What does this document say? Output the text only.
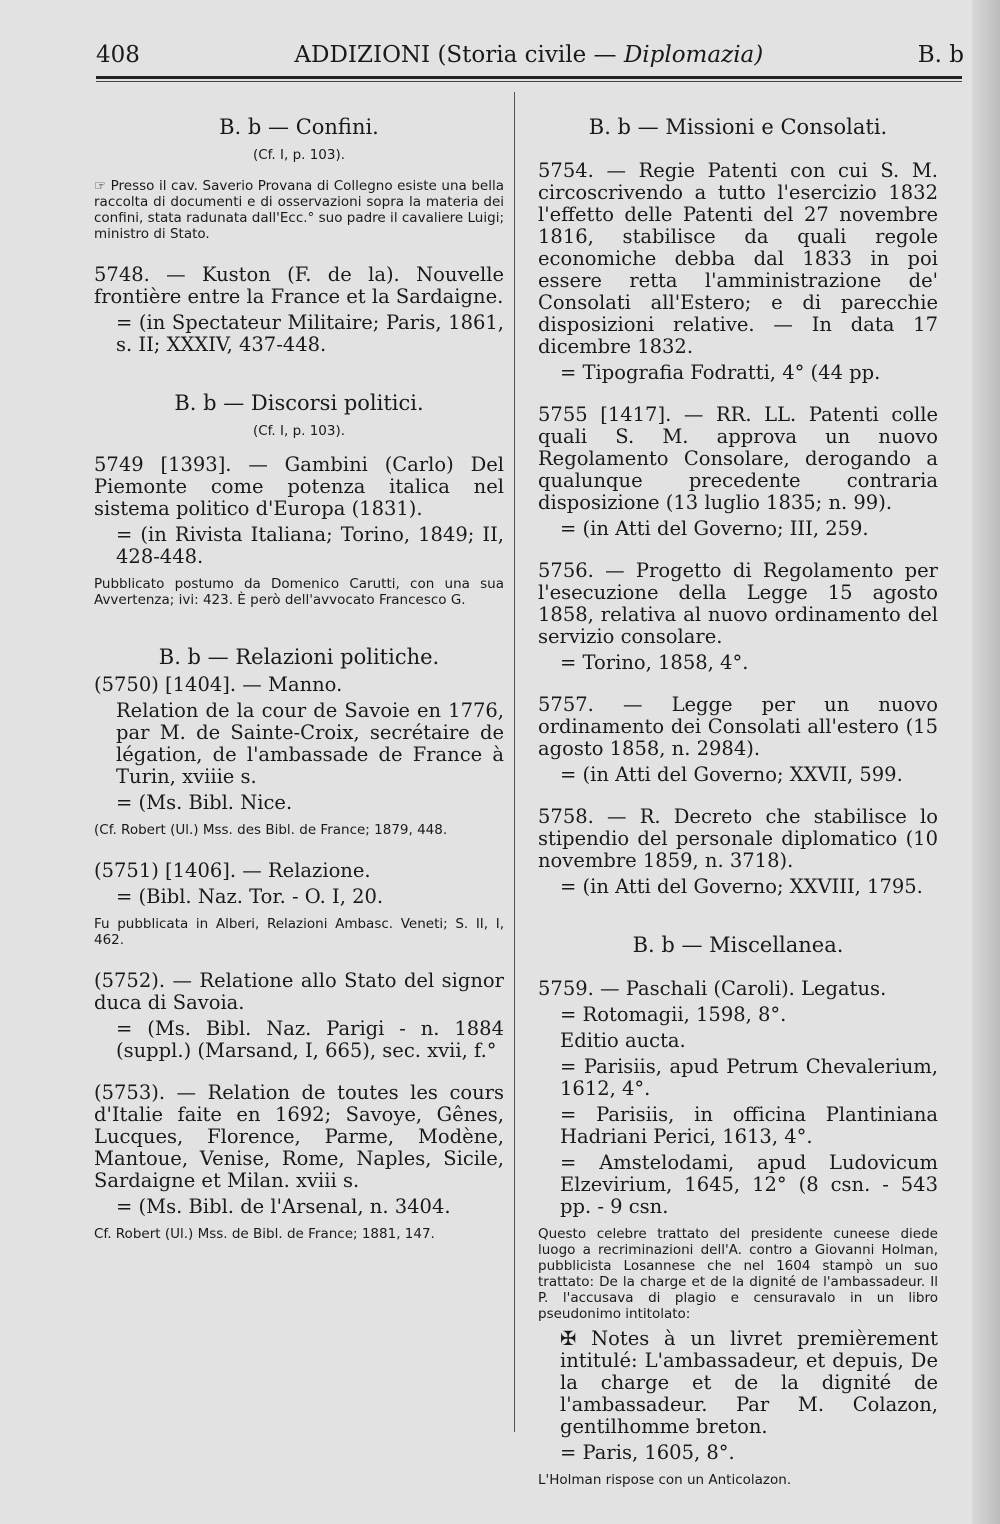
408	ADDIZIONI (Storia civile — Diplomazia)	B. b
B. b — Confini.
(Cf. I, p. 103).
☞ Presso il cav. Saverio Provana di Collegno esiste una bella raccolta di documenti e di osservazioni sopra la materia dei confini, stata radunata dall'Ecc.° suo padre il cavaliere Luigi; ministro di Stato.
5748. — Kuston (F. de la). Nouvelle frontière entre la France et la Sardaigne.
= (in Spectateur Militaire; Paris, 1861, s. II; XXXIV, 437-448.
B. b — Discorsi politici.
(Cf. I, p. 103).
5749 [1393]. — Gambini (Carlo) Del Piemonte come potenza italica nel sistema politico d'Europa (1831).
= (in Rivista Italiana; Torino, 1849; II, 428-448.
Pubblicato postumo da Domenico Carutti, con una sua Avvertenza; ivi: 423. È però dell'avvocato Francesco G.
B. b — Relazioni politiche.
(5750) [1404]. — Manno.
Relation de la cour de Savoie en 1776, par M. de Sainte-Croix, secrétaire de légation, de l'ambassade de France à Turin, xviiie s.
= (Ms. Bibl. Nice.
(Cf. Robert (Ul.) Mss. des Bibl. de France; 1879, 448.
(5751) [1406]. — Relazione.
= (Bibl. Naz. Tor. - O. I, 20.
Fu pubblicata in Alberi, Relazioni Ambasc. Veneti; S. II, I, 462.
(5752). — Relatione allo Stato del signor duca di Savoia.
= (Ms. Bibl. Naz. Parigi - n. 1884 (suppl.) (Marsand, I, 665), sec. xvii, f.°
(5753). — Relation de toutes les cours d'Italie faite en 1692; Savoye, Gênes, Lucques, Florence, Parme, Modène, Mantoue, Venise, Rome, Naples, Sicile, Sardaigne et Milan. xviii s.
= (Ms. Bibl. de l'Arsenal, n. 3404.
Cf. Robert (Ul.) Mss. de Bibl. de France; 1881, 147.
B. b — Missioni e Consolati.
5754. — Regie Patenti con cui S. M. circoscrivendo a tutto l'esercizio 1832 l'effetto delle Patenti del 27 novembre 1816, stabilisce da quali regole economiche debba dal 1833 in poi essere retta l'amministrazione de' Consolati all'Estero; e di parecchie disposizioni relative. — In data 17 dicembre 1832.
= Tipografia Fodratti, 4° (44 pp.
5755 [1417]. — RR. LL. Patenti colle quali S. M. approva un nuovo Regolamento Consolare, derogando a qualunque precedente contraria disposizione (13 luglio 1835; n. 99).
= (in Atti del Governo; III, 259.
5756. — Progetto di Regolamento per l'esecuzione della Legge 15 agosto 1858, relativa al nuovo ordinamento del servizio consolare.
= Torino, 1858, 4°.
5757. — Legge per un nuovo ordinamento dei Consolati all'estero (15 agosto 1858, n. 2984).
= (in Atti del Governo; XXVII, 599.
5758. — R. Decreto che stabilisce lo stipendio del personale diplomatico (10 novembre 1859, n. 3718).
= (in Atti del Governo; XXVIII, 1795.
B. b — Miscellanea.
5759. — Paschali (Caroli). Legatus.
= Rotomagii, 1598, 8°.
Editio aucta.
= Parisiis, apud Petrum Chevalerium, 1612, 4°.
= Parisiis, in officina Plantiniana Hadriani Perici, 1613, 4°.
= Amstelodami, apud Ludovicum Elzevirium, 1645, 12° (8 csn. - 543 pp. - 9 csn.
Questo celebre trattato del presidente cuneese diede luogo a recriminazioni dell'A. contro a Giovanni Holman, pubblicista Losannese che nel 1604 stampò un suo trattato: De la charge et de la dignité de l'ambassadeur. Il P. l'accusava di plagio e censuravalo in un libro pseudonimo intitolato:
✠ Notes à un livret premièrement intitulé: L'ambassadeur, et depuis, De la charge et de la dignité de l'ambassadeur. Par M. Colazon, gentilhomme breton.
= Paris, 1605, 8°.
L'Holman rispose con un Anticolazon.
